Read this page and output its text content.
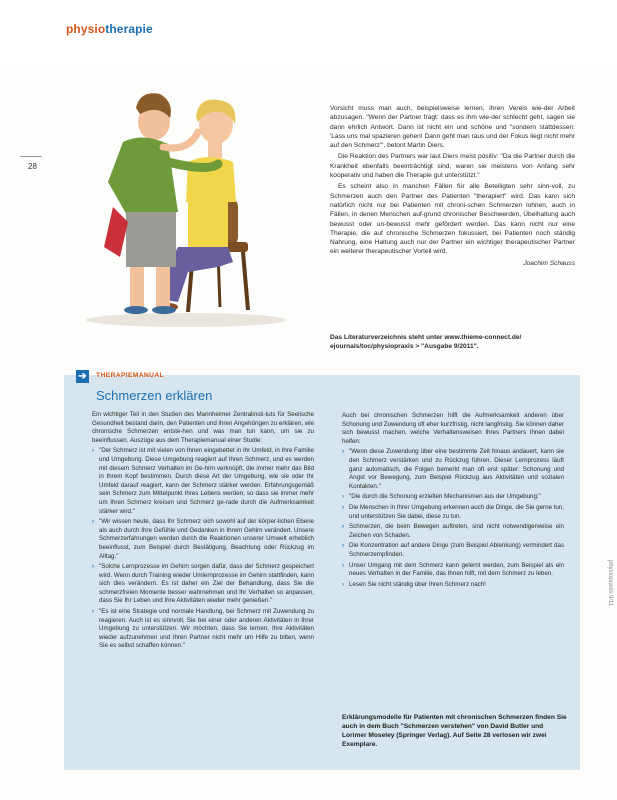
physiotherapie
28

Vorsicht muss man auch, beispielsweise lernen, ihren Vereis wie-der Arbeit abzusagen. "Wenn der Partner fragt: dass es ihm wie-der schlecht geht, sagen sie dann ehrlich Antwort. Dann ist nicht ein und schöne und "sondern stattdessen: 'Lass uns mal spazieren gehen! Dann geht man raus und der Fokus liegt nicht mehr auf den Schmerz'", betont Martin Diers.

Die Reaktion des Partners war laut Diers meist positiv: "Da die Partner durch die Krankheit ebenfalls beeinträchtigt sind, waren sie meistens von Anfang sehr kooperativ und haben die Therapie gut unterstützt."

Es scheint also in manchen Fällen für alle Beteiligten sehr sinn-voll, zu Schmerzen auch den Partner des Patienten "therapiert" wird. Das kann sich natürlich nicht nur bei Patienten mit chroni-schen Schmerzen lohnen, auch in Fällen, in denen Menschen auf-grund chronischer Beschwerden, Übelhaltung auch bewusst oder un-bewusst mehr gefördert werden. Das kann nicht nur eine Therapie, die auf chronische Schmerzen fokussiert, bei Patienten noch ständig Nahrung, eine Haltung auch nur der Partner ein wichtiger therapeutischer Partner ein weiterer therapeutischer Vorteil wird.

Joachim Schauss
Das Literaturverzeichnis steht unter www.thieme-connect.de/ ejournals/toc/physiopraxis > "Ausgabe 9/2011".
➔	THERAPIEMANUAL
Schmerzen erklären

Ein wichtiger Teil in den Studien des Mannheimer Zentralinsti-tuts für Seelische Gesundheit bestand darin, den Patienten und ihren Angehörigen zu erklären, wie chronische Schmerzen entste-hen und was man tun kann, um sie zu beeinflussen. Auszüge aus dem Therapiemanual einer Studie:

› "Der Schmerz ist mit vielen von Ihnen eingebettet in Ihr Umfeld, in Ihre Familie und Umgebung. Diese Umgebung reagiert auf Ihren Schmerz, und es werden mit diesem Schmerz Verhalten im Ge-hirn verknüpft, die immer mehr das Bild in Ihrem Kopf bestimmen. Durch diese Art der Umgebung, wie sie oder Ihr Umfeld darauf reagiert, kann der Schmerz stärker werden. Erfahrungsgemäß sein Schmerz zum Mittelpunkt Ihres Lebens werden, so dass sie immer mehr um Ihren Schmerz kreisen und Schmerz ge-rade durch die Aufmerksamkeit stärker wird."
› "Wir wissen heute, dass Ihr Schmerz sich sowohl auf der körper-lichen Ebene als auch durch Ihre Gefühle und Gedanken in Ihrem Gehirn verändert. Unsere Schmerzerfahrungen werden durch die Reaktionen unserer Umwelt erheblich beeinflusst, zum Beispiel durch Bestätigung, Beachtung oder Rückzug im Alltag."
› "Solche Lernprozesse im Gehirn sorgen dafür, dass der Schmerz gespeichert wird. Wenn durch Training wieder Umlernprozesse im Gehirn stattfinden, kann sich dies verändern. Es ist daher ein Ziel der Behandlung, dass Sie die schmerzfreien Momente besser wahrnehmen und Ihr Verhalten so anpassen, dass Sie Ihr Leben und Ihre Aktivitäten wieder mehr genießen."
› "Es ist eine Strategie und normale Handlung, bei Schmerz mit Zuwendung zu reagieren. Auch ist es sinnvoll, Sie bei einer oder anderen Aktivitäten in Ihrer Umgebung zu unterstützen. Wir möchten, dass Sie lernen, Ihre Aktivitäten wieder aufzunehmen und Ihren Partner nicht mehr um Hilfe zu bitten, wenn Sie es selbst schaffen können."

Auch bei chronischen Schmerzen hilft die Aufmerksamkeit anderen über Schonung und Zuwendung oft eher kurzfristig, nicht langfristig. Sie können daher sich bewusst machen, welche Verhaltensweisen Ihres Partners Ihnen dabei helfen:

› "Wenn diese Zuwendung über eine bestimmte Zeit hinaus andauert, kann sie den Schmerz verstärken und zu Rückzug führen. Dieser Lernprozess läuft ganz automatisch, die Folgen bemerkt man oft erst später: Schonung und Angst vor Bewegung, zum Beispiel Rückzug aus Aktivitäten und sozialen Kontakten."
› "Die durch die Schonung erzielten Mechanismen aus der Umgebung:"
› Die Menschen in Ihrer Umgebung erkennen auch die Dinge, die Sie gerne tun, und unterstützen Sie dabei, diese zu tun.
› Schmerzen, die beim Bewegen auftreten, sind nicht notwendigerweise ein Zeichen von Schaden.
› Die Konzentration auf andere Dinge (zum Beispiel Ablenkung) vermindert das Schmerzempfinden.
› Unser Umgang mit dem Schmerz kann gelernt werden, zum Beispiel als ein neues Verhalten in der Familie, das Ihnen hilft, mit dem Schmerz zu leben.
› Lesen Sie nicht ständig über Ihren Schmerz nach!
Erklärungsmodelle für Patienten mit chronischen Schmerzen finden Sie auch in dem Buch "Schmerzen verstehen" von David Butler und Lorimer Moseley (Springer Verlag). Auf Seite 28 verlosen wir zwei Exemplare.
physiopraxis 9/11
